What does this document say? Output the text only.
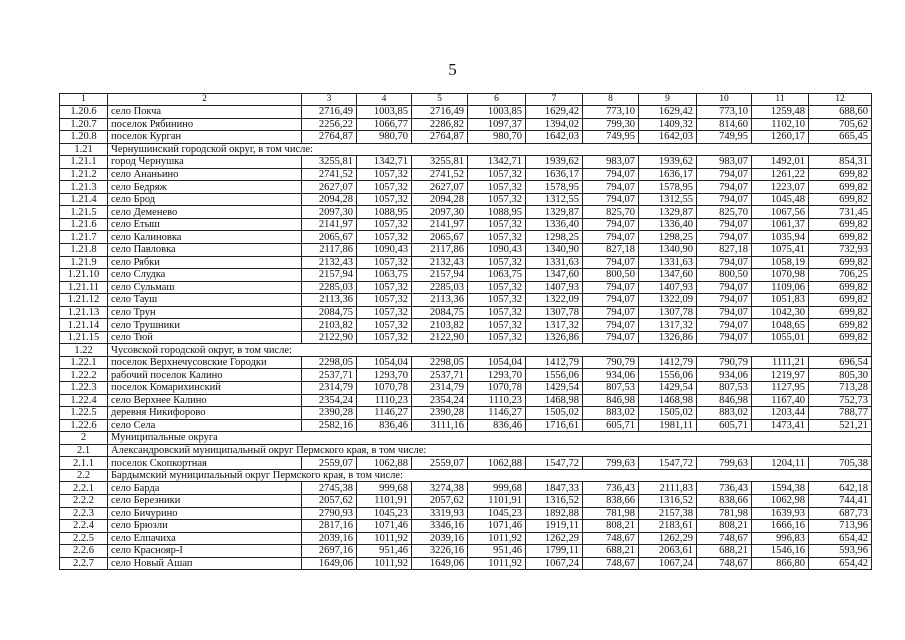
5
1	2	3	4	5	6	7	8	9	10	11	12
1.20.6	село Покча	2716,49	1003,85	2716,49	1003,85	1629,42	773,10	1629,42	773,10	1259,48	688,60
1.20.7	поселок Рябинино	2256,22	1066,77	2286,82	1097,37	1394,02	799,30	1409,32	814,60	1102,10	705,62
1.20.8	поселок Курган	2764,87	980,70	2764,87	980,70	1642,03	749,95	1642,03	749,95	1260,17	665,45
1.21	Чернушинский городской округ, в том числе:										
1.21.1	город Чернушка	3255,81	1342,71	3255,81	1342,71	1939,62	983,07	1939,62	983,07	1492,01	854,31
1.21.2	село Ананьино	2741,52	1057,32	2741,52	1057,32	1636,17	794,07	1636,17	794,07	1261,22	699,82
1.21.3	село Бедряж	2627,07	1057,32	2627,07	1057,32	1578,95	794,07	1578,95	794,07	1223,07	699,82
1.21.4	село Брод	2094,28	1057,32	2094,28	1057,32	1312,55	794,07	1312,55	794,07	1045,48	699,82
1.21.5	село Деменево	2097,30	1088,95	2097,30	1088,95	1329,87	825,70	1329,87	825,70	1067,56	731,45
1.21.6	село Етыш	2141,97	1057,32	2141,97	1057,32	1336,40	794,07	1336,40	794,07	1061,37	699,82
1.21.7	село Калиновка	2065,67	1057,32	2065,67	1057,32	1298,25	794,07	1298,25	794,07	1035,94	699,82
1.21.8	село Павловка	2117,86	1090,43	2117,86	1090,43	1340,90	827,18	1340,90	827,18	1075,41	732,93
1.21.9	село Рябки	2132,43	1057,32	2132,43	1057,32	1331,63	794,07	1331,63	794,07	1058,19	699,82
1.21.10	село Слудка	2157,94	1063,75	2157,94	1063,75	1347,60	800,50	1347,60	800,50	1070,98	706,25
1.21.11	село Сульмаш	2285,03	1057,32	2285,03	1057,32	1407,93	794,07	1407,93	794,07	1109,06	699,82
1.21.12	село Тауш	2113,36	1057,32	2113,36	1057,32	1322,09	794,07	1322,09	794,07	1051,83	699,82
1.21.13	село Трун	2084,75	1057,32	2084,75	1057,32	1307,78	794,07	1307,78	794,07	1042,30	699,82
1.21.14	село Трушники	2103,82	1057,32	2103,82	1057,32	1317,32	794,07	1317,32	794,07	1048,65	699,82
1.21.15	село Тюй	2122,90	1057,32	2122,90	1057,32	1326,86	794,07	1326,86	794,07	1055,01	699,82
1.22	Чусовской городской округ, в том числе:										
1.22.1	поселок Верхнечусовские Городки	2298,05	1054,04	2298,05	1054,04	1412,79	790,79	1412,79	790,79	1111,21	696,54
1.22.2	рабочий поселок Калино	2537,71	1293,70	2537,71	1293,70	1556,06	934,06	1556,06	934,06	1219,97	805,30
1.22.3	поселок Комарихинский	2314,79	1070,78	2314,79	1070,78	1429,54	807,53	1429,54	807,53	1127,95	713,28
1.22.4	село Верхнее Калино	2354,24	1110,23	2354,24	1110,23	1468,98	846,98	1468,98	846,98	1167,40	752,73
1.22.5	деревня Никифорово	2390,28	1146,27	2390,28	1146,27	1505,02	883,02	1505,02	883,02	1203,44	788,77
1.22.6	село Села	2582,16	836,46	3111,16	836,46	1716,61	605,71	1981,11	605,71	1473,41	521,21
2	Муниципальные округа										
2.1	Александровский муниципальный округ Пермского края, в том числе:										
2.1.1	поселок Скопкортная	2559,07	1062,88	2559,07	1062,88	1547,72	799,63	1547,72	799,63	1204,11	705,38
2.2	Бардымский муниципальный округ Пермского края, в том числе:										
2.2.1	село Барда	2745,38	999,68	3274,38	999,68	1847,33	736,43	2111,83	736,43	1594,38	642,18
2.2.2	село Березники	2057,62	1101,91	2057,62	1101,91	1316,52	838,66	1316,52	838,66	1062,98	744,41
2.2.3	село Бичурино	2790,93	1045,23	3319,93	1045,23	1892,88	781,98	2157,38	781,98	1639,93	687,73
2.2.4	село Брюзли	2817,16	1071,46	3346,16	1071,46	1919,11	808,21	2183,61	808,21	1666,16	713,96
2.2.5	село Елпачиха	2039,16	1011,92	2039,16	1011,92	1262,29	748,67	1262,29	748,67	996,83	654,42
2.2.6	село Краснояр-I	2697,16	951,46	3226,16	951,46	1799,11	688,21	2063,61	688,21	1546,16	593,96
2.2.7	село Новый Ашап	1649,06	1011,92	1649,06	1011,92	1067,24	748,67	1067,24	748,67	866,80	654,42
